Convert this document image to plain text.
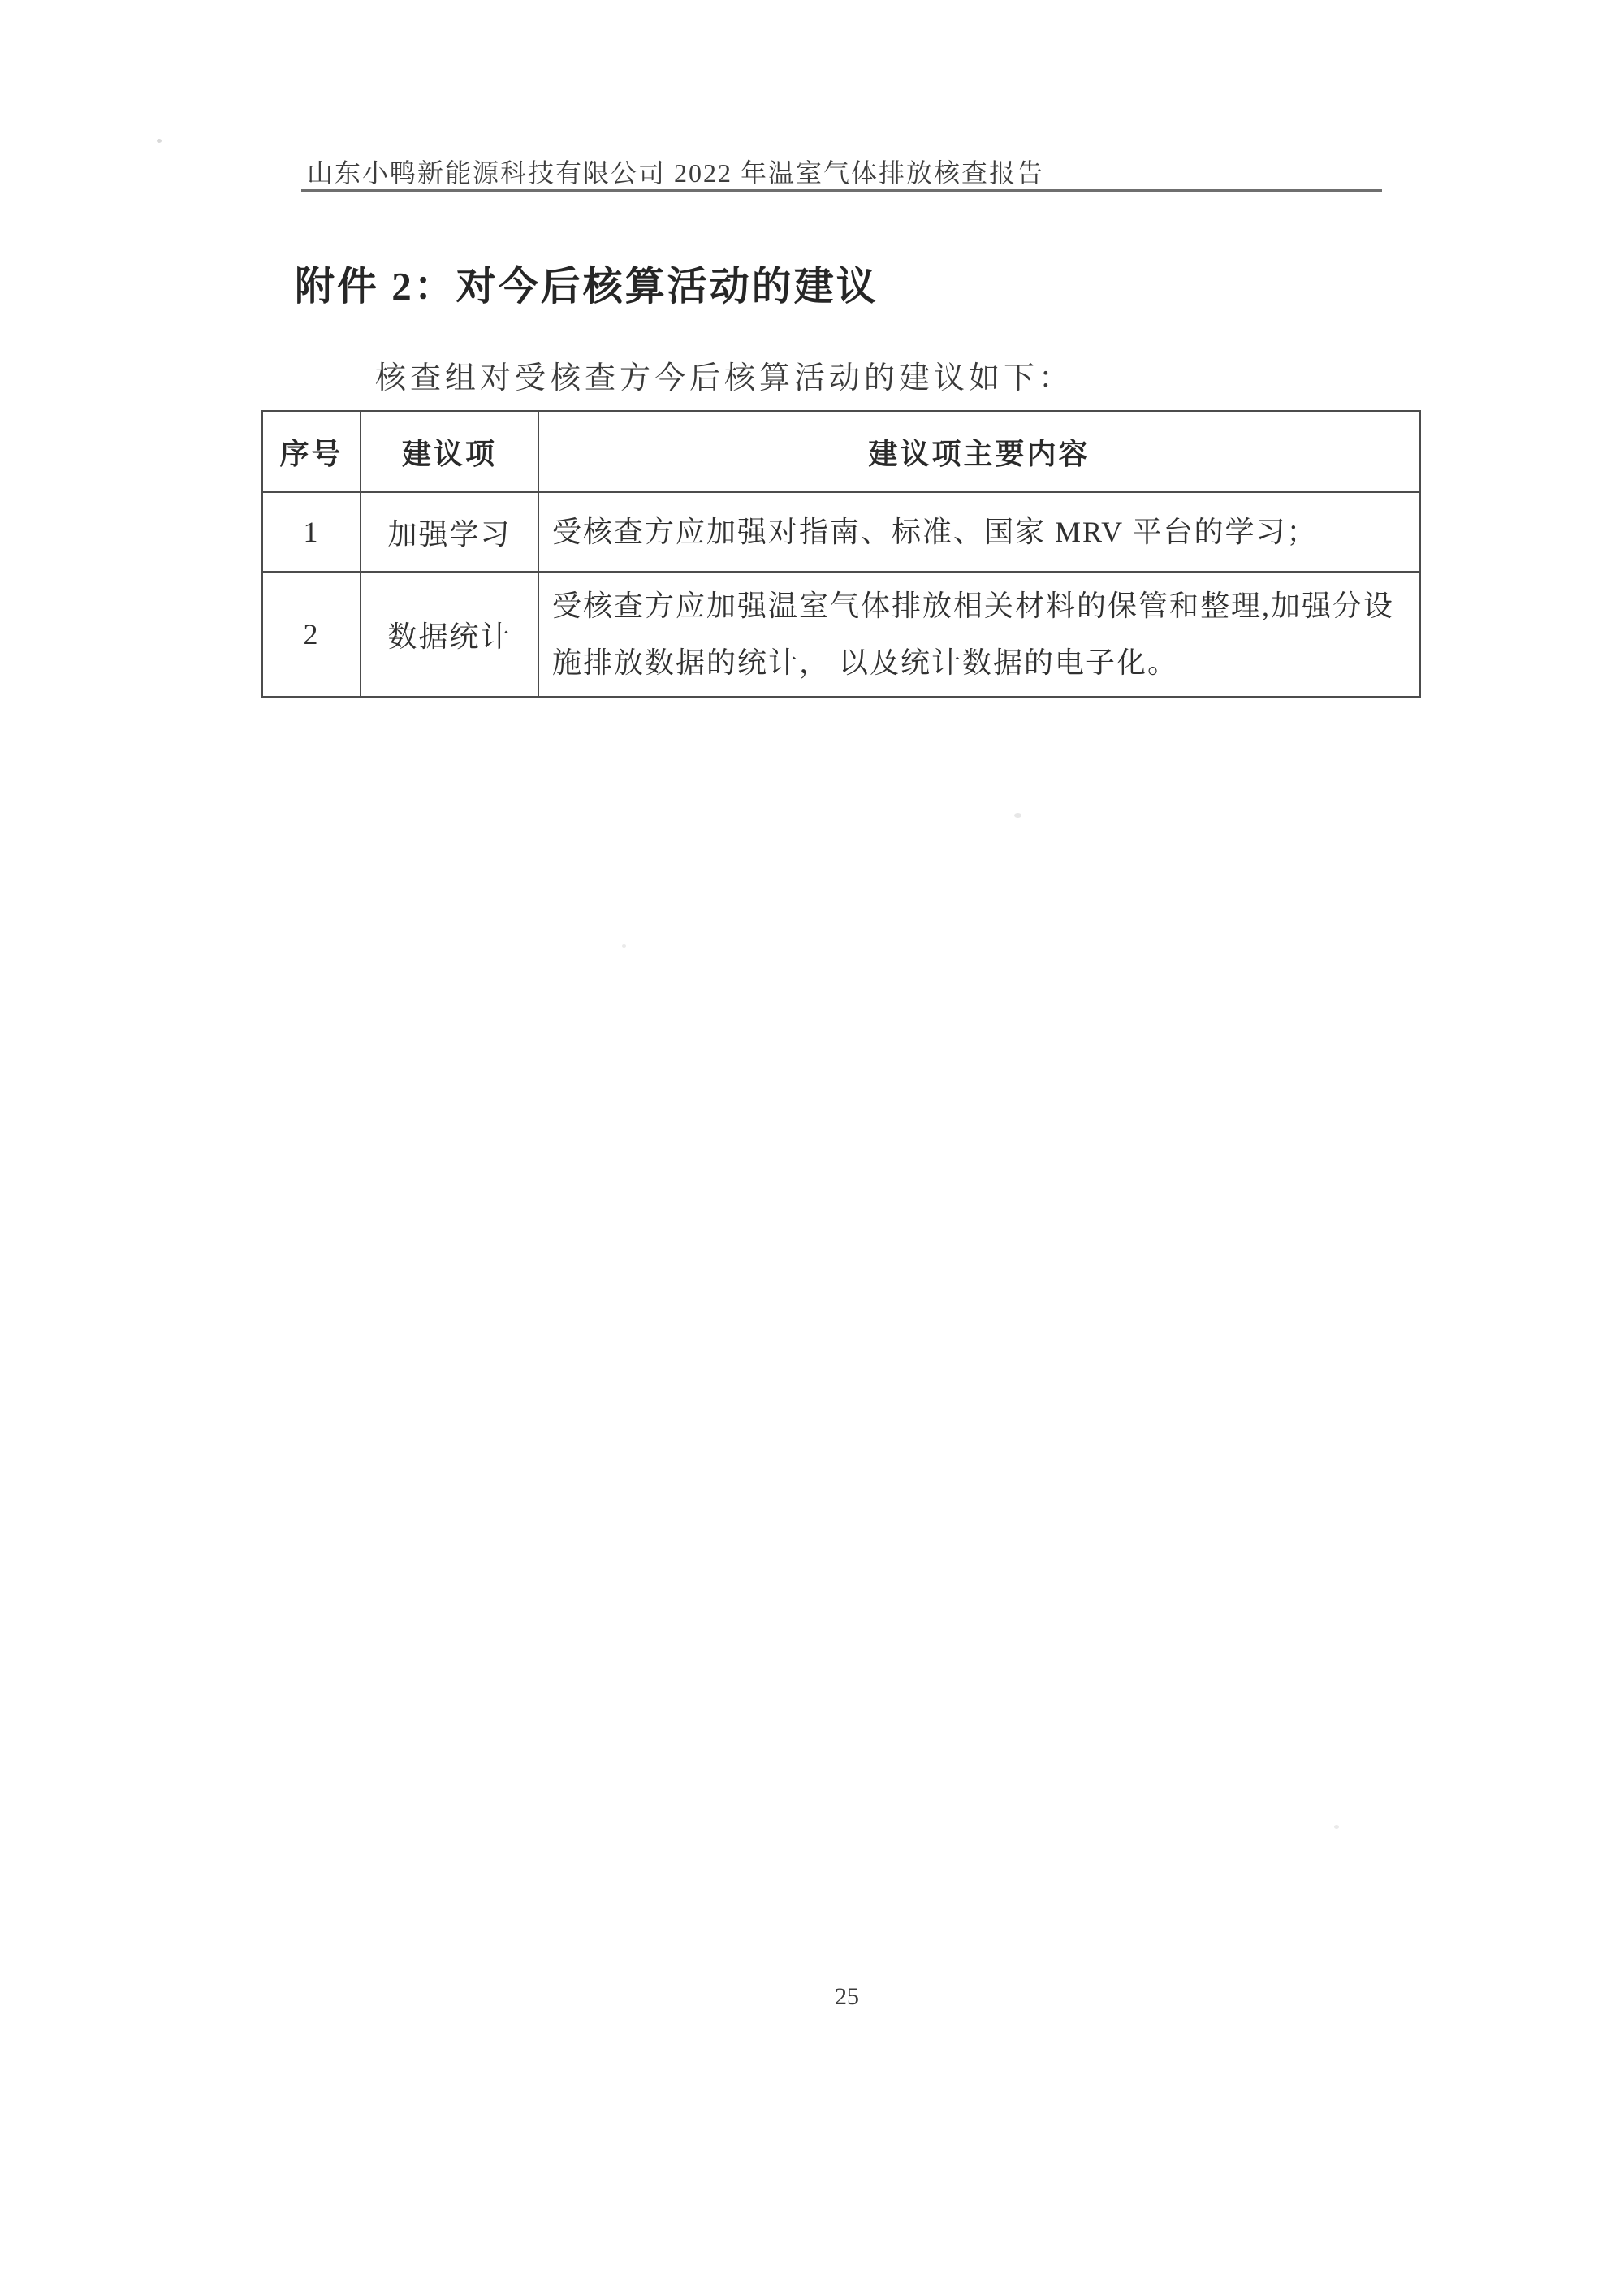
山东小鸭新能源科技有限公司 2022 年温室气体排放核查报告
附件 2：对今后核算活动的建议
核查组对受核查方今后核算活动的建议如下：
序号	建议项	建议项主要内容
1	加强学习	受核查方应加强对指南、标准、国家 MRV 平台的学习；
2	数据统计	受核查方应加强温室气体排放相关材料的保管和整理,加强分设施排放数据的统计， 以及统计数据的电子化。
25
